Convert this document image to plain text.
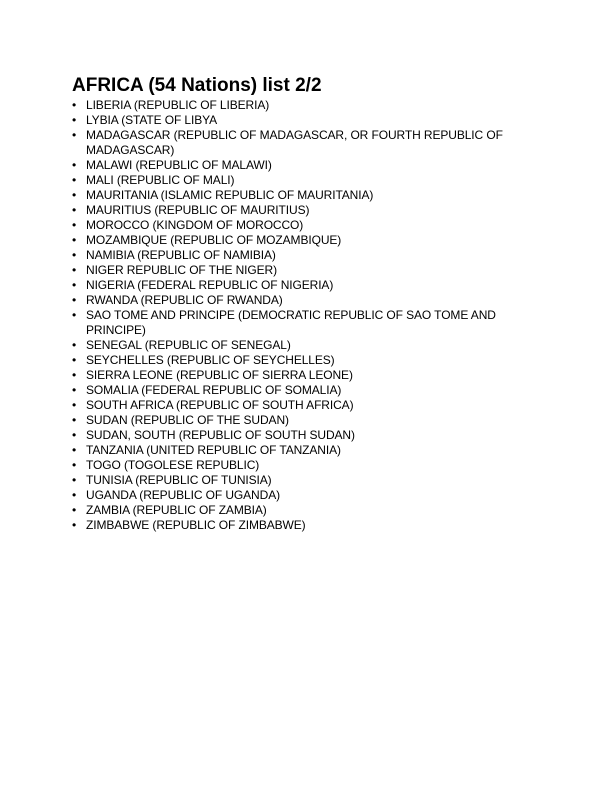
AFRICA (54 Nations) list 2/2
• LIBERIA (REPUBLIC OF LIBERIA)
• LYBIA (STATE OF LIBYA
• MADAGASCAR (REPUBLIC OF MADAGASCAR, OR FOURTH REPUBLIC OF MADAGASCAR)
• MALAWI (REPUBLIC OF MALAWI)
• MALI (REPUBLIC OF MALI)
• MAURITANIA (ISLAMIC REPUBLIC OF MAURITANIA)
• MAURITIUS (REPUBLIC OF MAURITIUS)
• MOROCCO (KINGDOM OF MOROCCO)
• MOZAMBIQUE (REPUBLIC OF MOZAMBIQUE)
• NAMIBIA (REPUBLIC OF NAMIBIA)
• NIGER REPUBLIC OF THE NIGER)
• NIGERIA (FEDERAL REPUBLIC OF NIGERIA)
• RWANDA (REPUBLIC OF RWANDA)
• SAO TOME AND PRINCIPE (DEMOCRATIC REPUBLIC OF SAO TOME AND PRINCIPE)
• SENEGAL (REPUBLIC OF SENEGAL)
• SEYCHELLES (REPUBLIC OF SEYCHELLES)
• SIERRA LEONE (REPUBLIC OF SIERRA LEONE)
• SOMALIA (FEDERAL REPUBLIC OF SOMALIA)
• SOUTH AFRICA (REPUBLIC OF SOUTH AFRICA)
• SUDAN (REPUBLIC OF THE SUDAN)
• SUDAN, SOUTH (REPUBLIC OF SOUTH SUDAN)
• TANZANIA (UNITED REPUBLIC OF TANZANIA)
• TOGO (TOGOLESE REPUBLIC)
• TUNISIA (REPUBLIC OF TUNISIA)
• UGANDA (REPUBLIC OF UGANDA)
• ZAMBIA (REPUBLIC OF ZAMBIA)
• ZIMBABWE (REPUBLIC OF ZIMBABWE)
